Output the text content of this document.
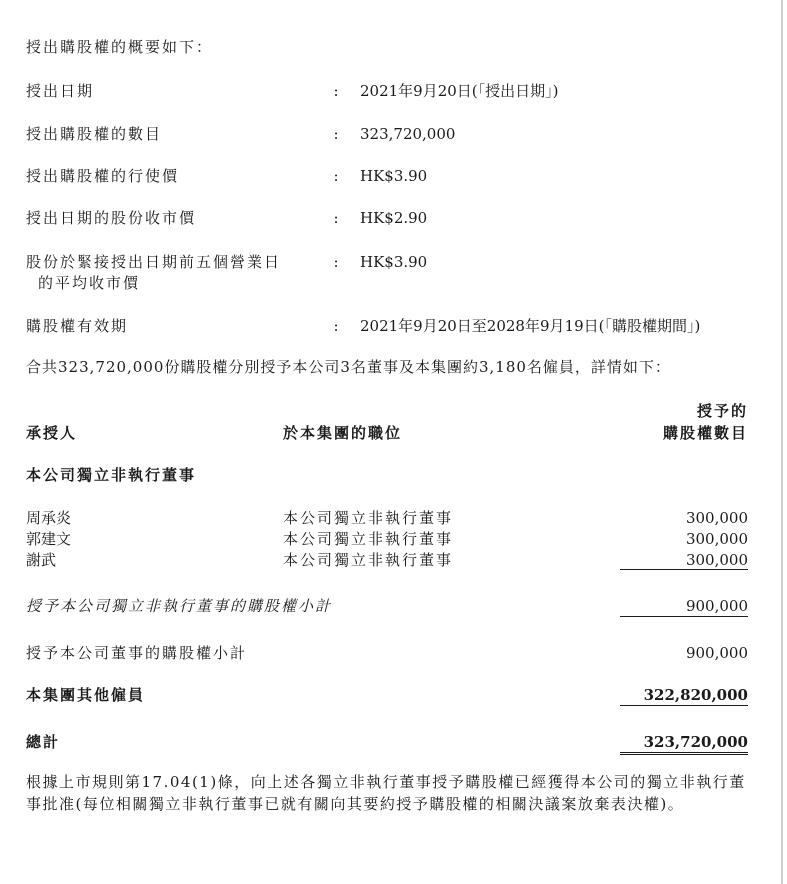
授出購股權的概要如下：
授出日期	: 2021年9月20日(「授出日期」)
授出購股權的數目	: 323,720,000
授出購股權的行使價	: HK$3.90
授出日期的股份收市價	: HK$2.90
股份於緊接授出日期前五個營業日
的平均收市價
: HK$3.90
購股權有效期	: 2021年9月20日至2028年9月19日(「購股權期間」)
合共323,720,000份購股權分別授予本公司3名董事及本集團約3,180名僱員，詳情如下：
承授人	於本集團的職位
授予的
購股權數目
本公司獨立非執行董事
周承炎	本公司獨立非執行董事	300,000
郭建文	本公司獨立非執行董事	300,000
謝武	本公司獨立非執行董事	300,000
授予本公司獨立非執行董事的購股權小計	900,000
授予本公司董事的購股權小計	900,000
本集團其他僱員	322,820,000
總計	323,720,000
根據上市規則第17.04(1)條，向上述各獨立非執行董事授予購股權已經獲得本公司的獨立非執行董事批准(每位相關獨立非執行董事已就有關向其要約授予購股權的相關決議案放棄表決權)。
